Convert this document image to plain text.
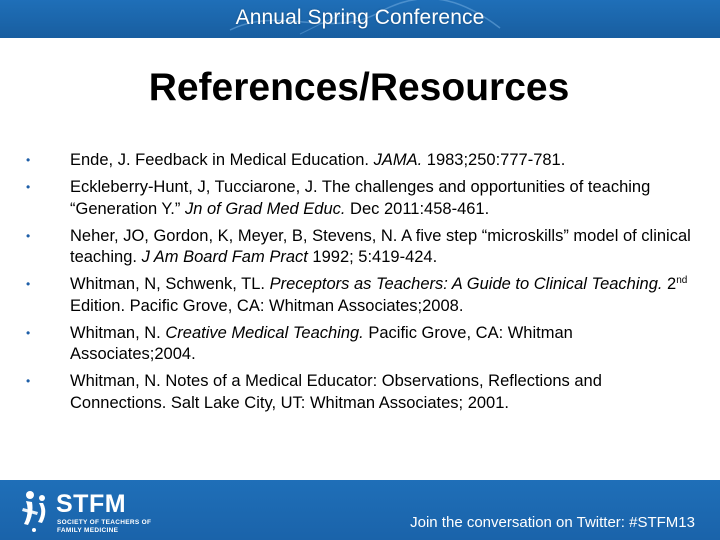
Annual Spring Conference
References/Resources
• Ende, J. Feedback in Medical Education. JAMA. 1983;250:777-781.
• Eckleberry-Hunt, J, Tucciarone, J. The challenges and opportunities of teaching “Generation Y.” Jn of Grad Med Educ. Dec 2011:458-461.
• Neher, JO, Gordon, K, Meyer, B, Stevens, N. A five step “microskills” model of clinical teaching. J Am Board Fam Pract 1992; 5:419-424.
• Whitman, N, Schwenk, TL. Preceptors as Teachers: A Guide to Clinical Teaching. 2nd Edition. Pacific Grove, CA: Whitman Associates;2008.
• Whitman, N. Creative Medical Teaching. Pacific Grove, CA: Whitman Associates;2004.
• Whitman, N. Notes of a Medical Educator: Observations, Reflections and Connections. Salt Lake City, UT: Whitman Associates; 2001.
STFM
SOCIETY OF TEACHERS OF
FAMILY MEDICINE	Join the conversation on Twitter: #STFM13
